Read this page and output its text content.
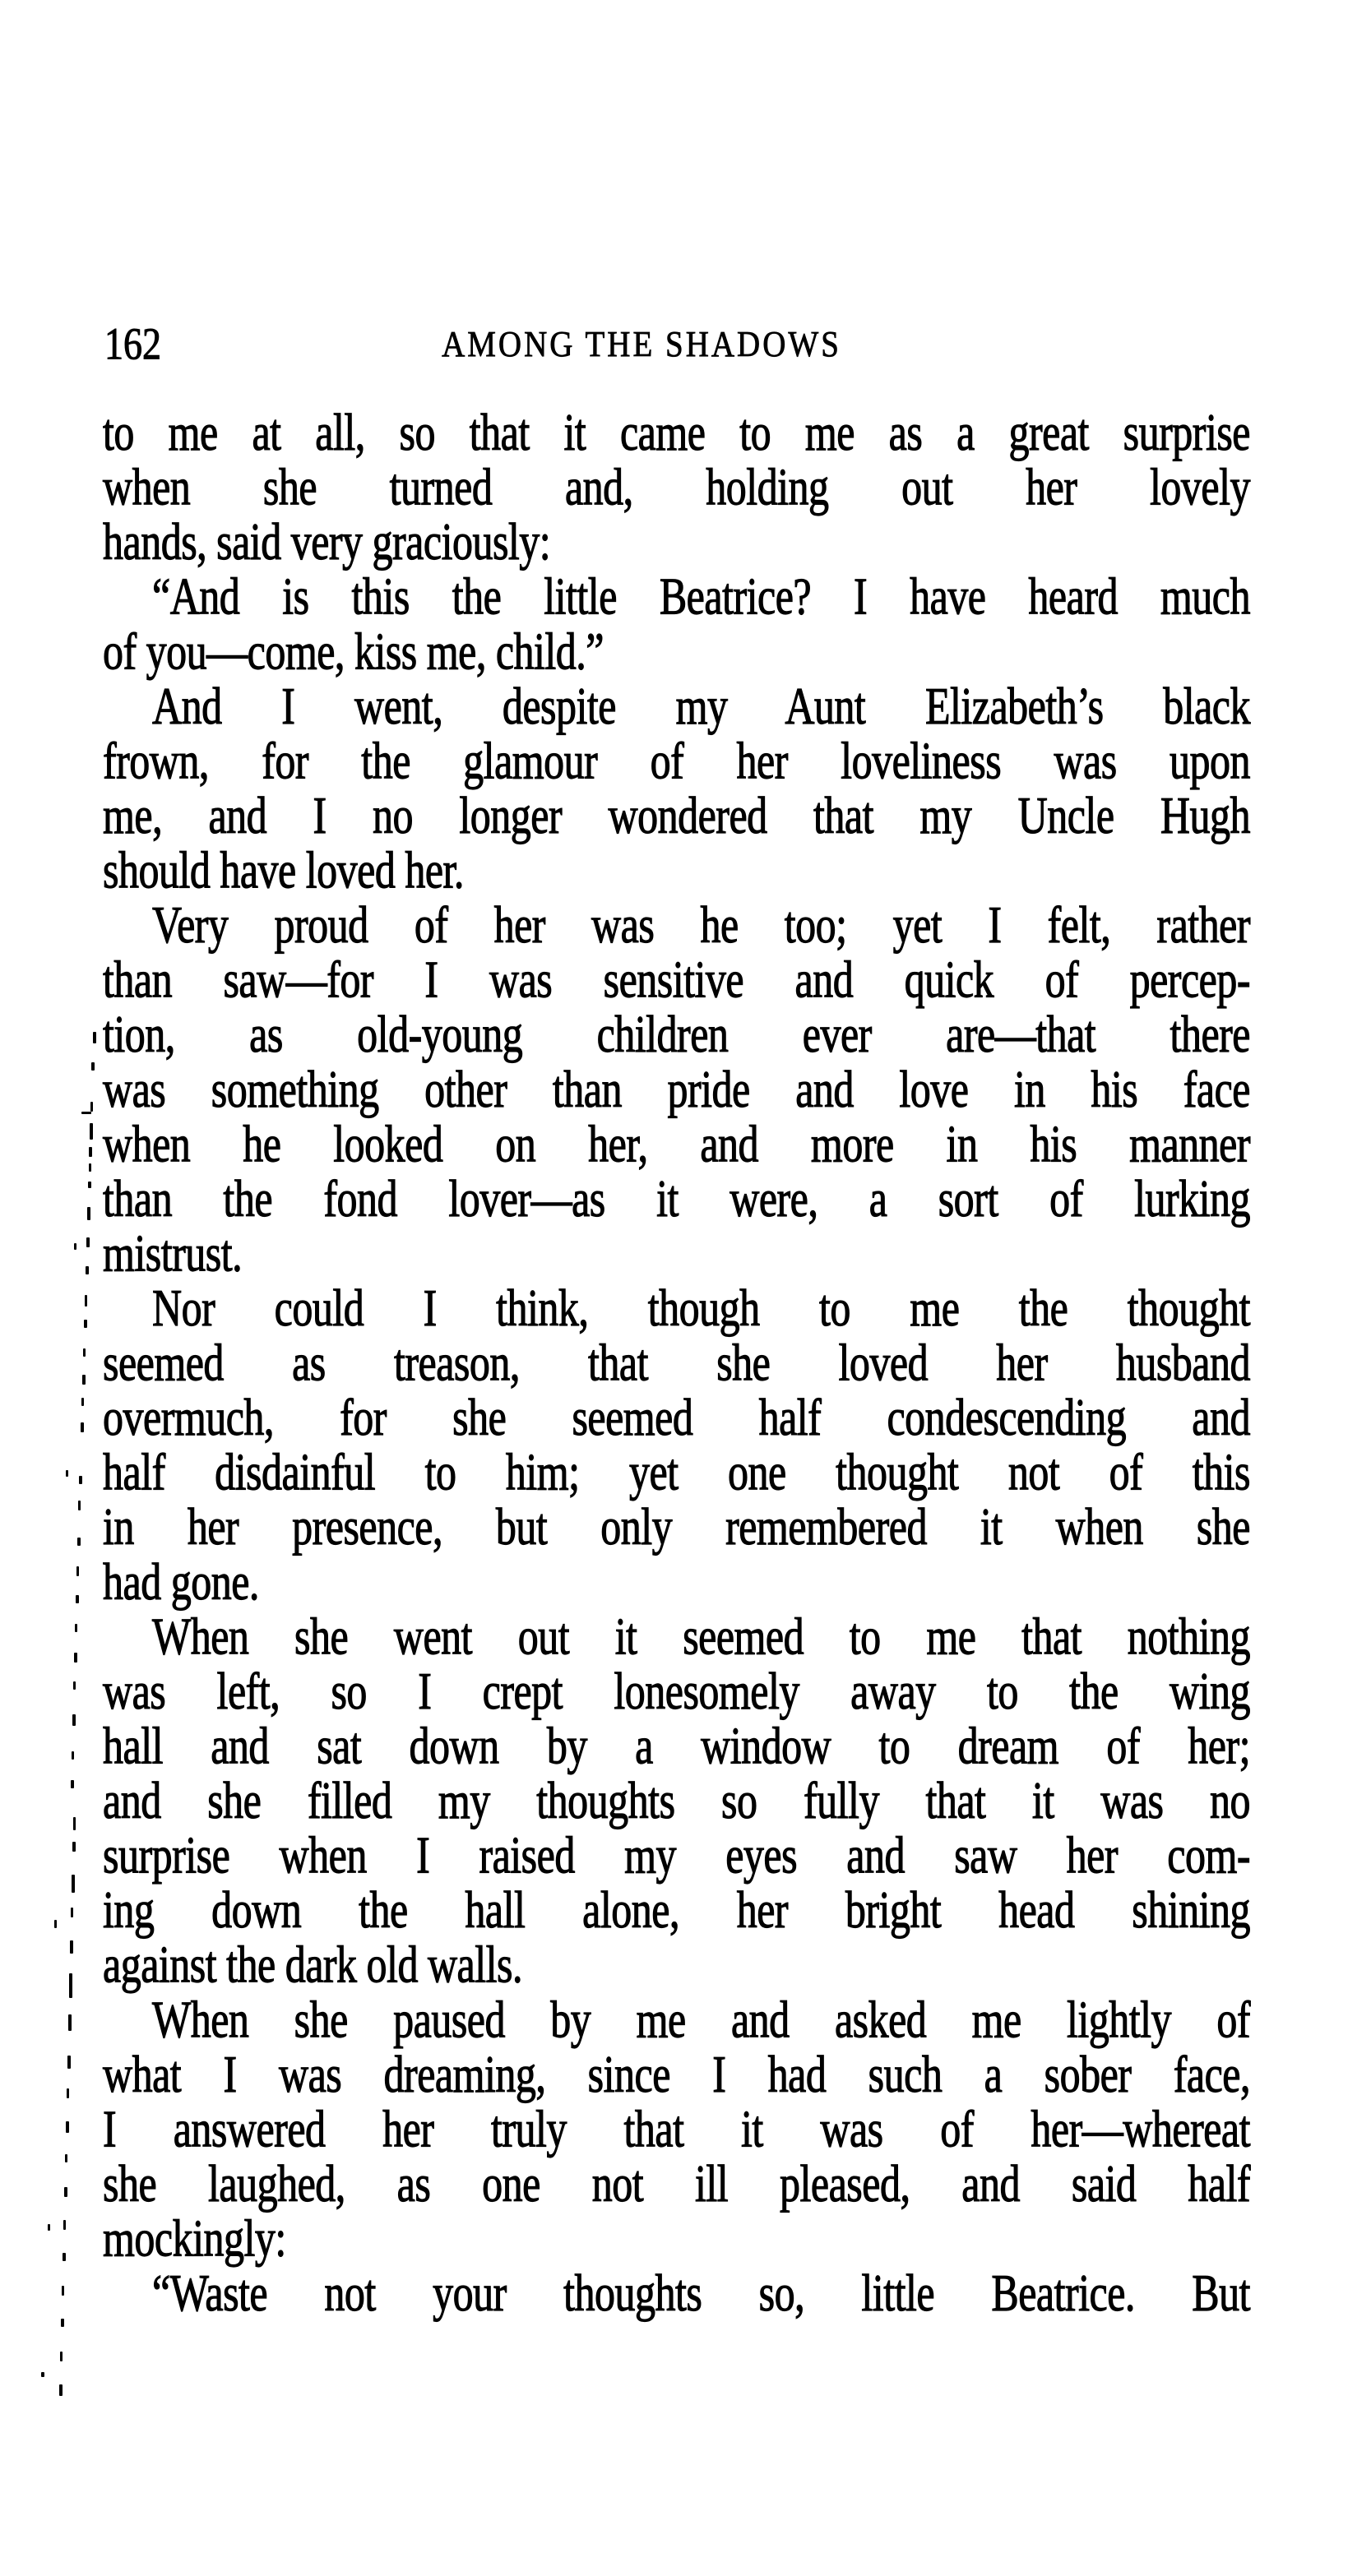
162	AMONG THE SHADOWS
to me at all, so that it came to me as a great surprise
when she turned and, holding out her lovely
hands, said very graciously:
“And is this the little Beatrice? I have heard much
of you—come, kiss me, child.”
And I went, despite my Aunt Elizabeth’s black
frown, for the glamour of her loveliness was upon
me, and I no longer wondered that my Uncle Hugh
should have loved her.
Very proud of her was he too; yet I felt, rather
than saw—for I was sensitive and quick of percep-
tion, as old-young children ever are—that there
was something other than pride and love in his face
when he looked on her, and more in his manner
than the fond lover—as it were, a sort of lurking
mistrust.
Nor could I think, though to me the thought
seemed as treason, that she loved her husband
overmuch, for she seemed half condescending and
half disdainful to him; yet one thought not of this
in her presence, but only remembered it when she
had gone.
When she went out it seemed to me that nothing
was left, so I crept lonesomely away to the wing
hall and sat down by a window to dream of her;
and she filled my thoughts so fully that it was no
surprise when I raised my eyes and saw her com-
ing down the hall alone, her bright head shining
against the dark old walls.
When she paused by me and asked me lightly of
what I was dreaming, since I had such a sober face,
I answered her truly that it was of her—whereat
she laughed, as one not ill pleased, and said half
mockingly:
“Waste not your thoughts so, little Beatrice. But
